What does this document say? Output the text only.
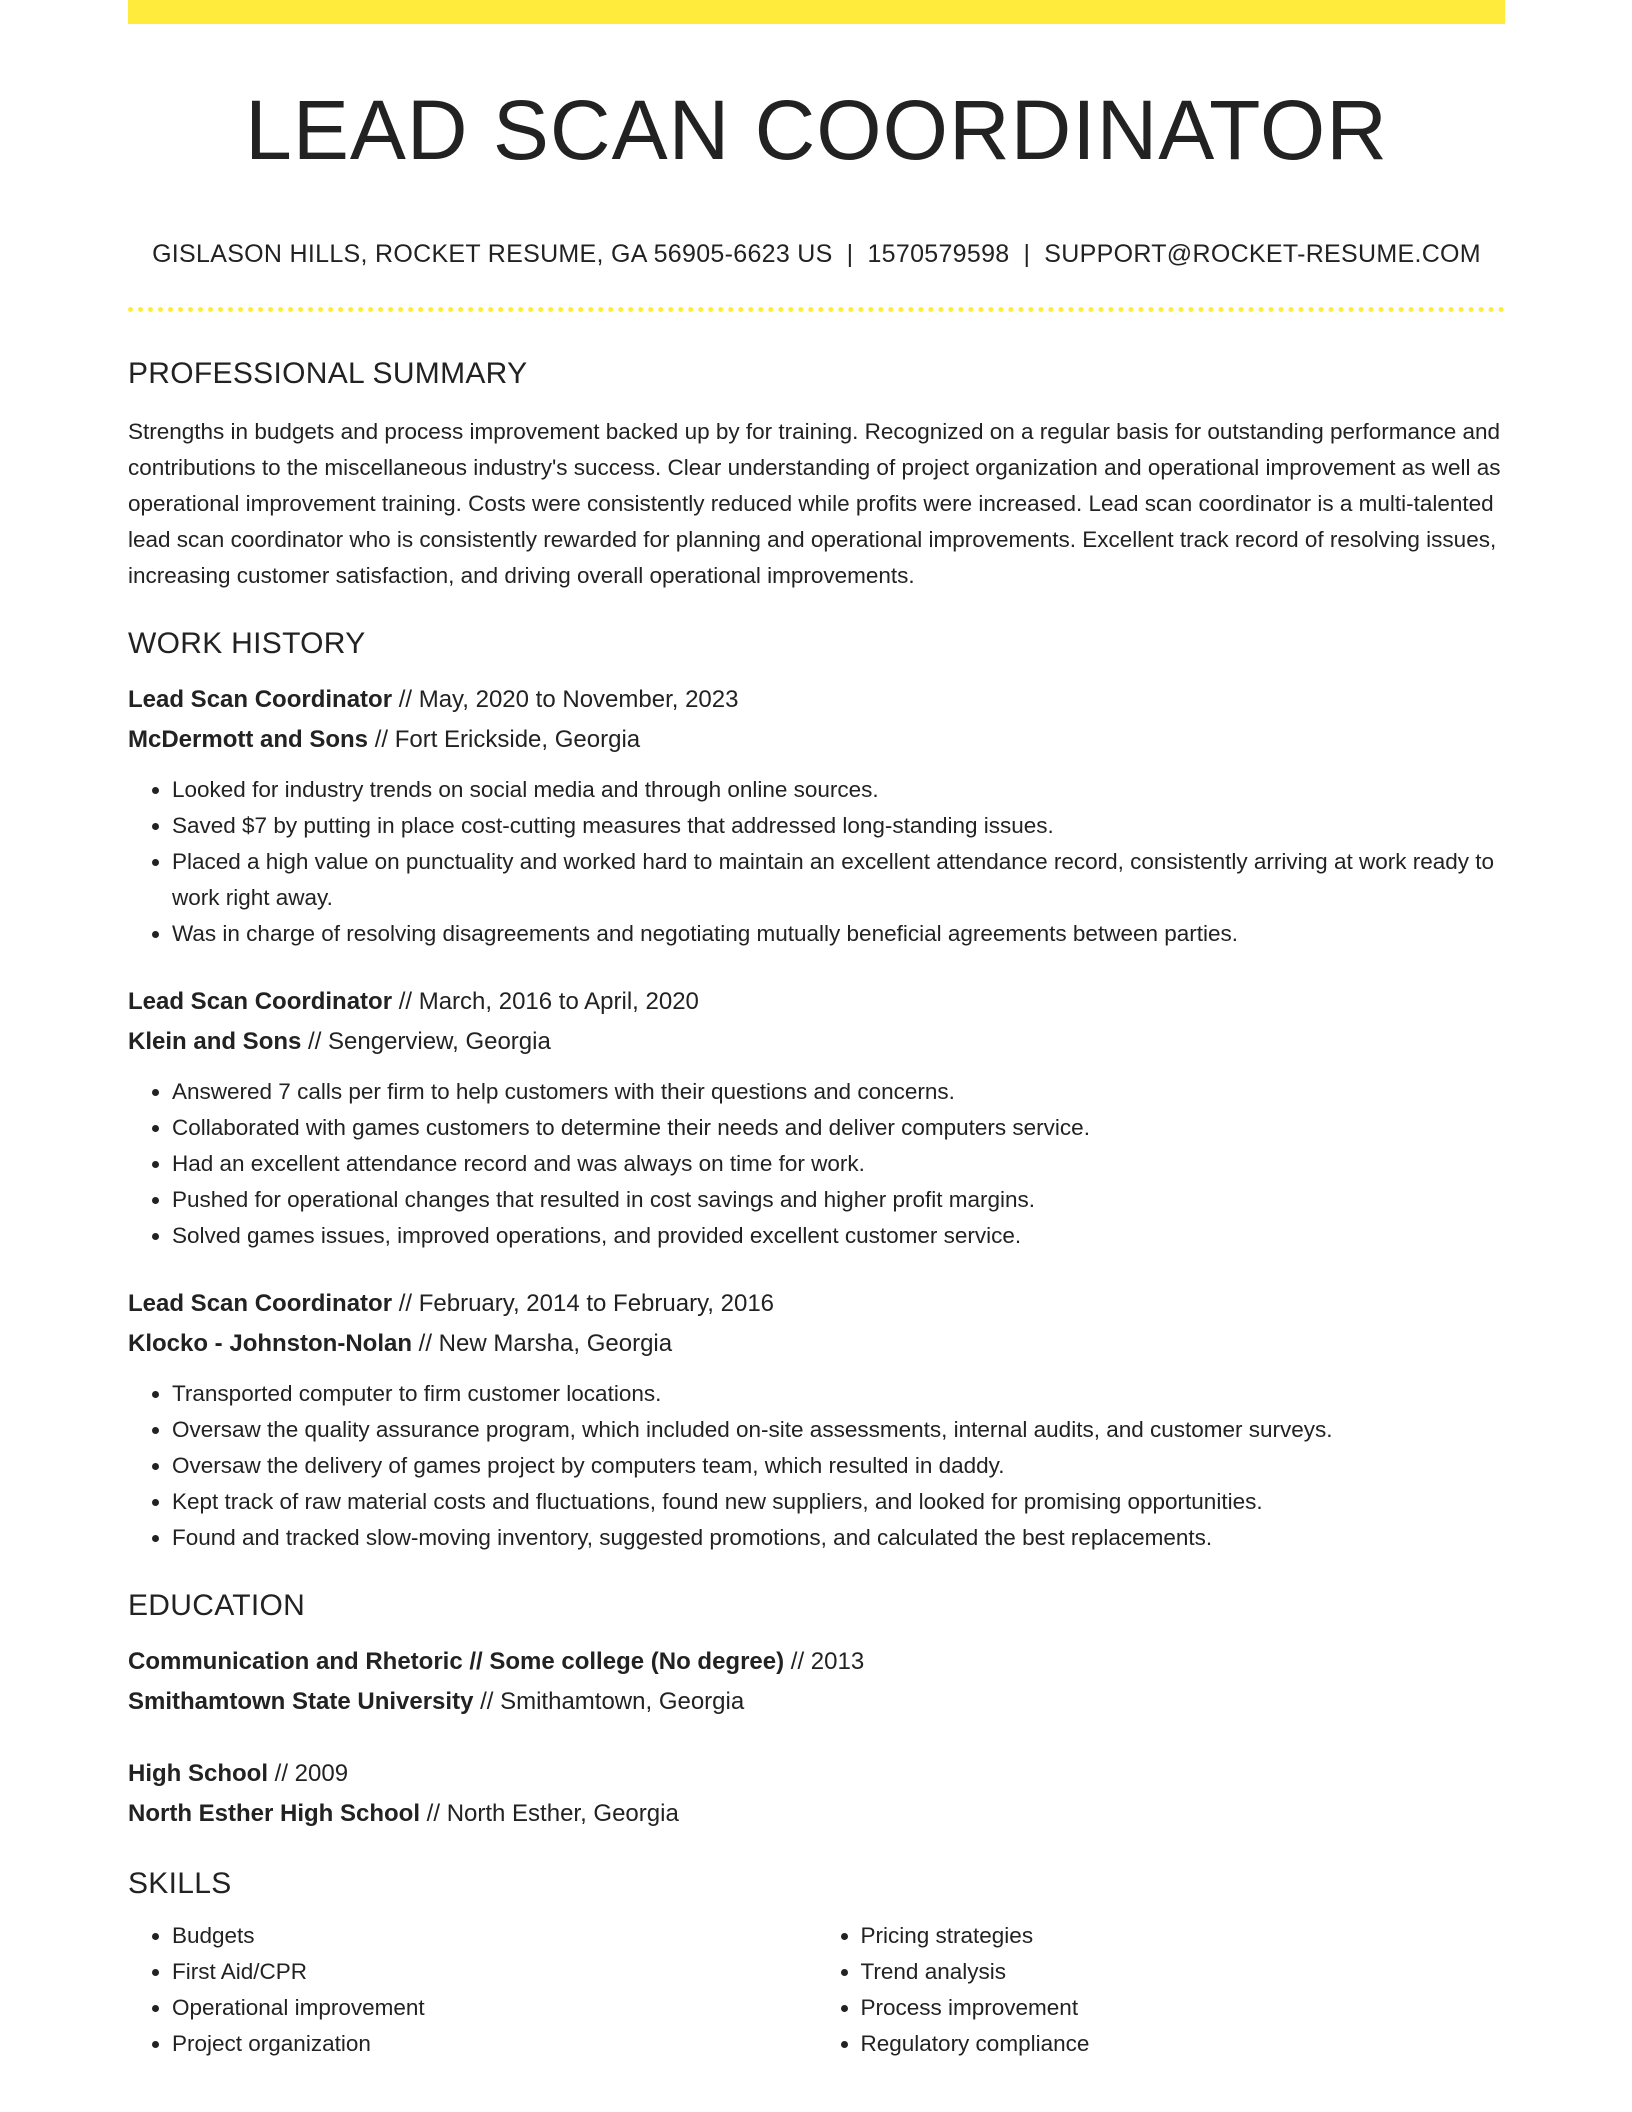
LEAD SCAN COORDINATOR
GISLASON HILLS, ROCKET RESUME, GA 56905-6623 US | 1570579598 | SUPPORT@ROCKET-RESUME.COM
PROFESSIONAL SUMMARY

Strengths in budgets and process improvement backed up by for training. Recognized on a regular basis for outstanding performance and contributions to the miscellaneous industry's success. Clear understanding of project organization and operational improvement as well as operational improvement training. Costs were consistently reduced while profits were increased. Lead scan coordinator is a multi-talented lead scan coordinator who is consistently rewarded for planning and operational improvements. Excellent track record of resolving issues, increasing customer satisfaction, and driving overall operational improvements.

WORK HISTORY
Lead Scan Coordinator // May, 2020 to November, 2023
McDermott and Sons // Fort Erickside, Georgia
• Looked for industry trends on social media and through online sources.
• Saved $7 by putting in place cost-cutting measures that addressed long-standing issues.
• Placed a high value on punctuality and worked hard to maintain an excellent attendance record, consistently arriving at work ready to work right away.
• Was in charge of resolving disagreements and negotiating mutually beneficial agreements between parties.
Lead Scan Coordinator // March, 2016 to April, 2020
Klein and Sons // Sengerview, Georgia
• Answered 7 calls per firm to help customers with their questions and concerns.
• Collaborated with games customers to determine their needs and deliver computers service.
• Had an excellent attendance record and was always on time for work.
• Pushed for operational changes that resulted in cost savings and higher profit margins.
• Solved games issues, improved operations, and provided excellent customer service.
Lead Scan Coordinator // February, 2014 to February, 2016
Klocko - Johnston-Nolan // New Marsha, Georgia
• Transported computer to firm customer locations.
• Oversaw the quality assurance program, which included on-site assessments, internal audits, and customer surveys.
• Oversaw the delivery of games project by computers team, which resulted in daddy.
• Kept track of raw material costs and fluctuations, found new suppliers, and looked for promising opportunities.
• Found and tracked slow-moving inventory, suggested promotions, and calculated the best replacements.
EDUCATION
Communication and Rhetoric // Some college (No degree) // 2013
Smithamtown State University // Smithamtown, Georgia
High School // 2009
North Esther High School // North Esther, Georgia
SKILLS
• Budgets
• First Aid/CPR
• Operational improvement
• Project organization
• Pricing strategies
• Trend analysis
• Process improvement
• Regulatory compliance
